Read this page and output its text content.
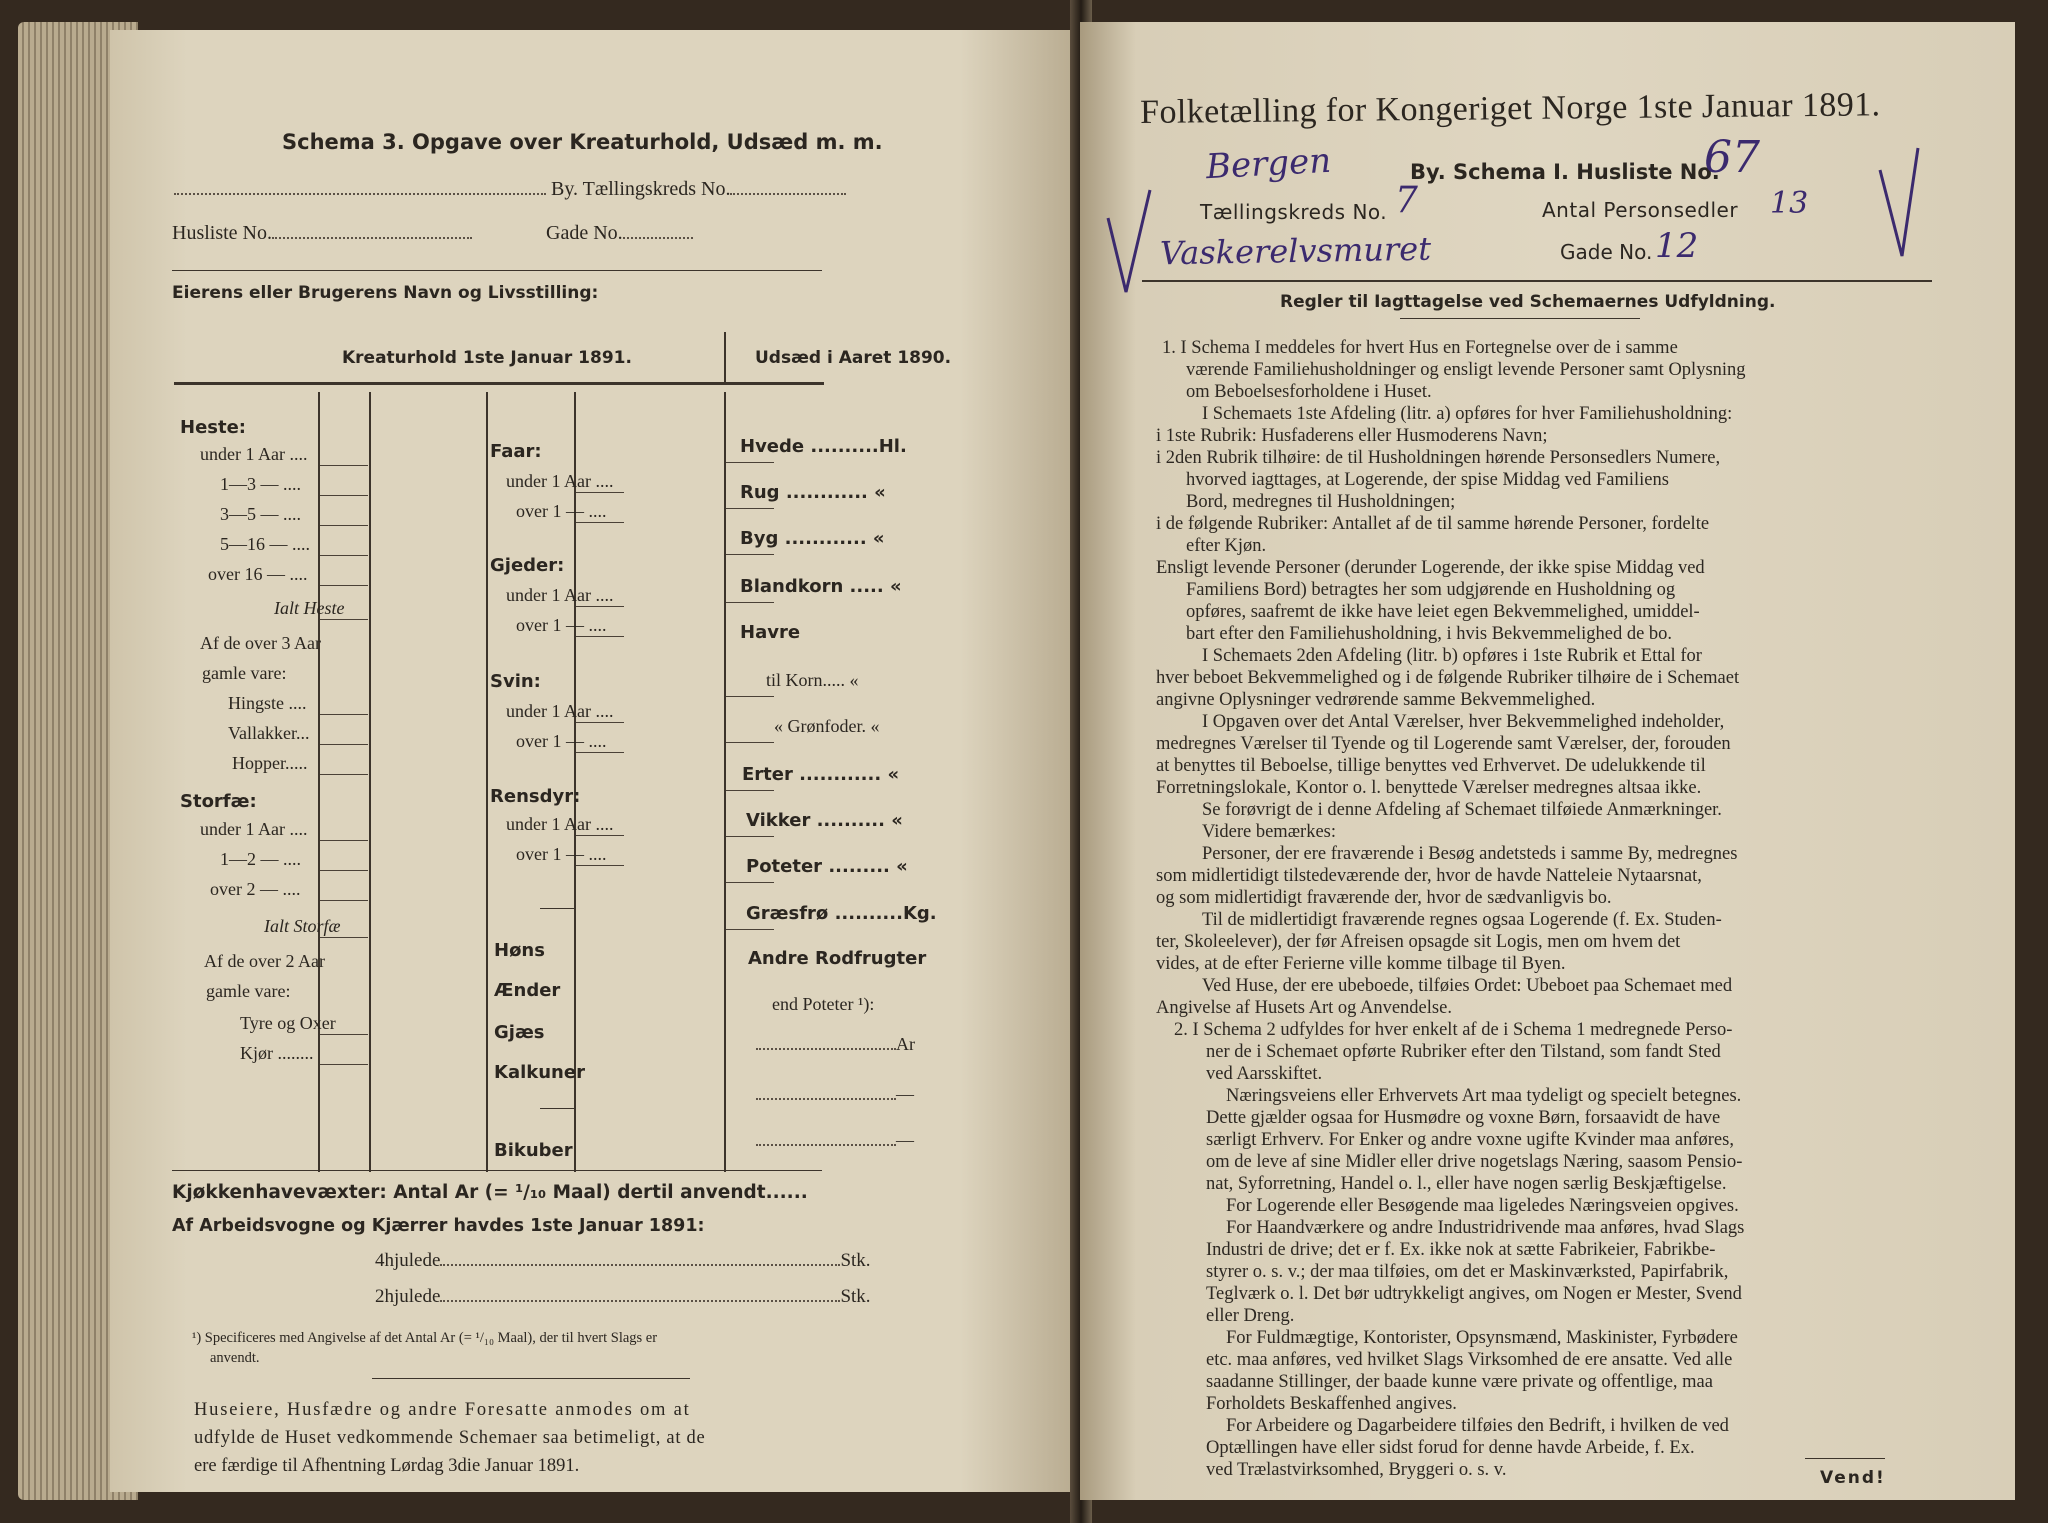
Schema 3. Opgave over Kreaturhold, Udsæd m. m.
By. Tællingskreds No.
Husliste No.	Gade No.
Eierens eller Brugerens Navn og Livsstilling:
Kreaturhold 1ste Januar 1891.	Udsæd i Aaret 1890.
Heste:
under 1 Aar ....
1—3 — ....
3—5 — ....
5—16 — ....
over 16 — ....
Ialt Heste
Af de over 3 Aar
gamle vare:
Hingste ....
Vallakker...
Hopper.....
Storfæ:
under 1 Aar ....
1—2 — ....
over 2 — ....
Ialt Storfæ
Af de over 2 Aar
gamle vare:
Tyre og Oxer
Kjør ........
Faar:
under 1 Aar ....
over 1 — ....
Gjeder:
under 1 Aar ....
over 1 — ....
Svin:
under 1 Aar ....
over 1 — ....
Rensdyr:
under 1 Aar ....
over 1 — ....
Høns
Ænder
Gjæs
Kalkuner
Bikuber
Hvede ..........Hl.
Rug ............ «
Byg ............ «
Blandkorn ..... «
Havre
til Korn..... «
« Grønfoder. «
Erter ............ «
Vikker .......... «
Poteter ......... «
Græsfrø ..........Kg.
Andre Rodfrugter
end Poteter ¹):
Ar
—
—
Kjøkkenhavevæxter: Antal Ar (= ¹/₁₀ Maal) dertil anvendt......
Af Arbeidsvogne og Kjærrer havdes 1ste Januar 1891:
4hjulede	Stk.
2hjulede	Stk.
¹) Specificeres med Angivelse af det Antal Ar (= ¹/₁₀ Maal), der til hvert Slags er
anvendt.
Huseiere, Husfædre og andre Foresatte anmodes om at
udfylde de Huset vedkommende Schemaer saa betimeligt, at de
ere færdige til Afhentning Lørdag 3die Januar 1891.
Folketælling for Kongeriget Norge 1ste Januar 1891.
Bergen	By. Schema I. Husliste No.
67
Tællingskreds No. 7	Antal Personsedler 13
Vaskerelvsmuret	Gade No. 12
Regler til Iagttagelse ved Schemaernes Udfyldning.
1. I Schema I meddeles for hvert Hus en Fortegnelse over de i samme
værende Familiehusholdninger og ensligt levende Personer samt Oplysning
om Beboelsesforholdene i Huset.
I Schemaets 1ste Afdeling (litr. a) opføres for hver Familiehusholdning:
i 1ste Rubrik: Husfaderens eller Husmoderens Navn;
i 2den Rubrik tilhøire: de til Husholdningen hørende Personsedlers Numere,
hvorved iagttages, at Logerende, der spise Middag ved Familiens
Bord, medregnes til Husholdningen;
i de følgende Rubriker: Antallet af de til samme hørende Personer, fordelte
efter Kjøn.
Ensligt levende Personer (derunder Logerende, der ikke spise Middag ved
Familiens Bord) betragtes her som udgjørende en Husholdning og
opføres, saafremt de ikke have leiet egen Bekvemmelighed, umiddel-
bart efter den Familiehusholdning, i hvis Bekvemmelighed de bo.
I Schemaets 2den Afdeling (litr. b) opføres i 1ste Rubrik et Ettal for
hver beboet Bekvemmelighed og i de følgende Rubriker tilhøire de i Schemaet
angivne Oplysninger vedrørende samme Bekvemmelighed.
I Opgaven over det Antal Værelser, hver Bekvemmelighed indeholder,
medregnes Værelser til Tyende og til Logerende samt Værelser, der, forouden
at benyttes til Beboelse, tillige benyttes ved Erhvervet. De udelukkende til
Forretningslokale, Kontor o. l. benyttede Værelser medregnes altsaa ikke.
Se forøvrigt de i denne Afdeling af Schemaet tilføiede Anmærkninger.
Videre bemærkes:
Personer, der ere fraværende i Besøg andetsteds i samme By, medregnes
som midlertidigt tilstedeværende der, hvor de havde Natteleie Nytaarsnat,
og som midlertidigt fraværende der, hvor de sædvanligvis bo.
Til de midlertidigt fraværende regnes ogsaa Logerende (f. Ex. Studen-
ter, Skoleelever), der før Afreisen opsagde sit Logis, men om hvem det
vides, at de efter Ferierne ville komme tilbage til Byen.
Ved Huse, der ere ubeboede, tilføies Ordet: Ubeboet paa Schemaet med
Angivelse af Husets Art og Anvendelse.
2. I Schema 2 udfyldes for hver enkelt af de i Schema 1 medregnede Perso-
ner de i Schemaet opførte Rubriker efter den Tilstand, som fandt Sted
ved Aarsskiftet.
Næringsveiens eller Erhvervets Art maa tydeligt og specielt betegnes.
Dette gjælder ogsaa for Husmødre og voxne Børn, forsaavidt de have
særligt Erhverv. For Enker og andre voxne ugifte Kvinder maa anføres,
om de leve af sine Midler eller drive nogetslags Næring, saasom Pensio-
nat, Syforretning, Handel o. l., eller have nogen særlig Beskjæftigelse.
For Logerende eller Besøgende maa ligeledes Næringsveien opgives.
For Haandværkere og andre Industridrivende maa anføres, hvad Slags
Industri de drive; det er f. Ex. ikke nok at sætte Fabrikeier, Fabrikbe-
styrer o. s. v.; der maa tilføies, om det er Maskinværksted, Papirfabrik,
Teglværk o. l. Det bør udtrykkeligt angives, om Nogen er Mester, Svend
eller Dreng.
For Fuldmægtige, Kontorister, Opsynsmænd, Maskinister, Fyrbødere
etc. maa anføres, ved hvilket Slags Virksomhed de ere ansatte. Ved alle
saadanne Stillinger, der baade kunne være private og offentlige, maa
Forholdets Beskaffenhed angives.
For Arbeidere og Dagarbeidere tilføies den Bedrift, i hvilken de ved
Optællingen have eller sidst forud for denne havde Arbeide, f. Ex.
ved Trælastvirksomhed, Bryggeri o. s. v.	Vend!
